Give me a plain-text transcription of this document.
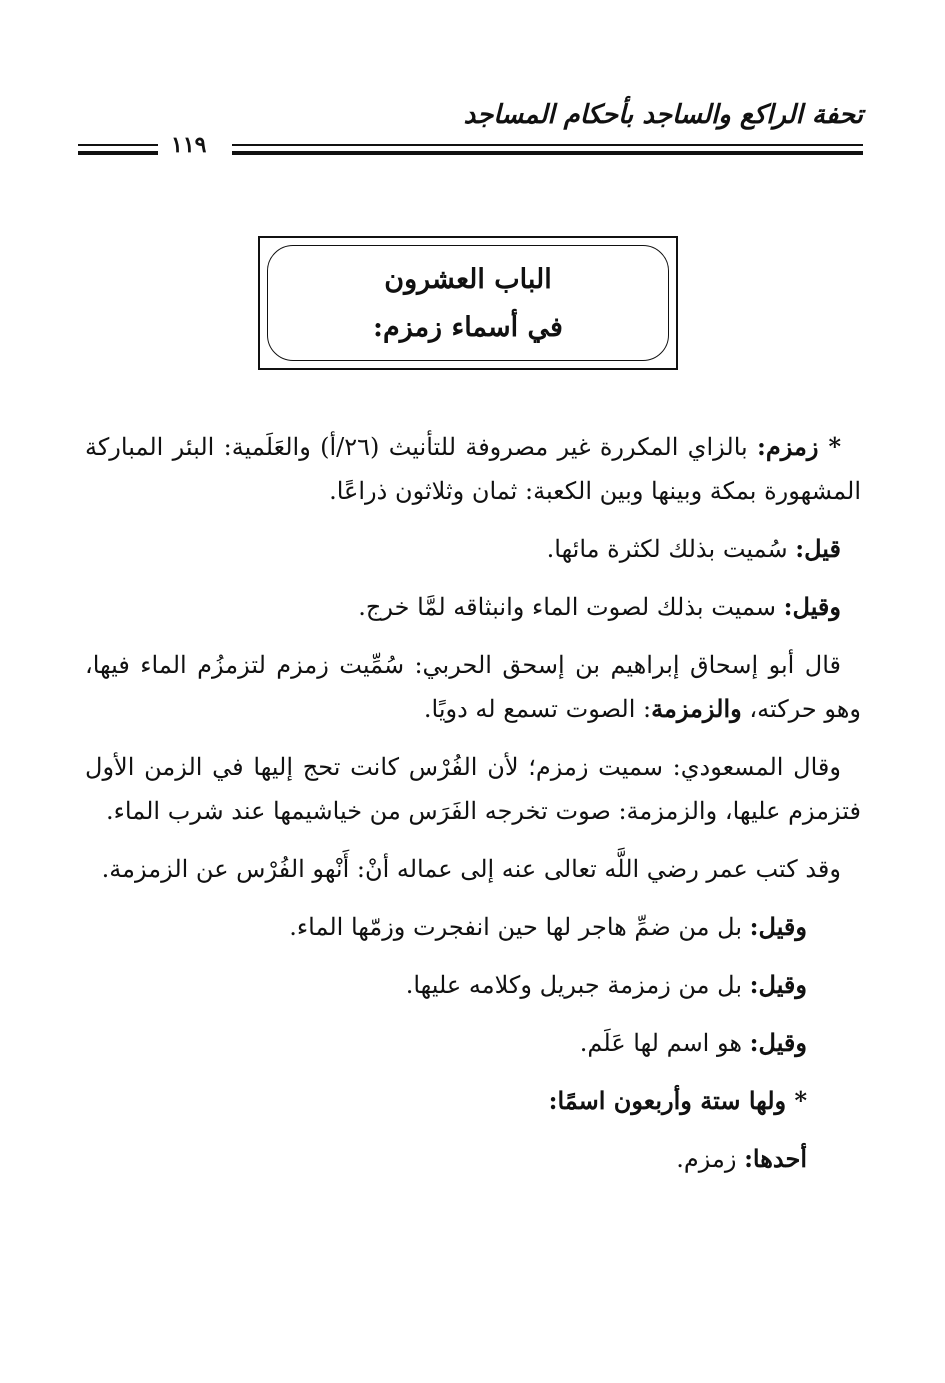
تحفة الراكع والساجد بأحكام المساجد
١١٩
الباب العشرون
في أسماء زمزم:

* زمزم: بالزاي المكررة غير مصروفة للتأنيث (٢٦/أ) والعَلَمية: البئر المباركة المشهورة بمكة وبينها وبين الكعبة: ثمان وثلاثون ذراعًا.

قيل: سُميت بذلك لكثرة مائها.

وقيل: سميت بذلك لصوت الماء وانبثاقه لمَّا خرج.

قال أبو إسحاق إبراهيم بن إسحق الحربي: سُمِّيت زمزم لتزمزُم الماء فيها، وهو حركته، والزمزمة: الصوت تسمع له دويًا.

وقال المسعودي: سميت زمزم؛ لأن الفُرْس كانت تحج إليها في الزمن الأول فتزمزم عليها، والزمزمة: صوت تخرجه الفَرَس من خياشيمها عند شرب الماء.

وقد كتب عمر رضي اللَّه تعالى عنه إلى عماله أنْ: أَنْهو الفُرْس عن الزمزمة.

وقيل: بل من ضمِّ هاجر لها حين انفجرت وزمّها الماء.

وقيل: بل من زمزمة جبريل وكلامه عليها.

وقيل: هو اسم لها عَلَم.

* ولها ستة وأربعون اسمًا:

أحدها: زمزم.
